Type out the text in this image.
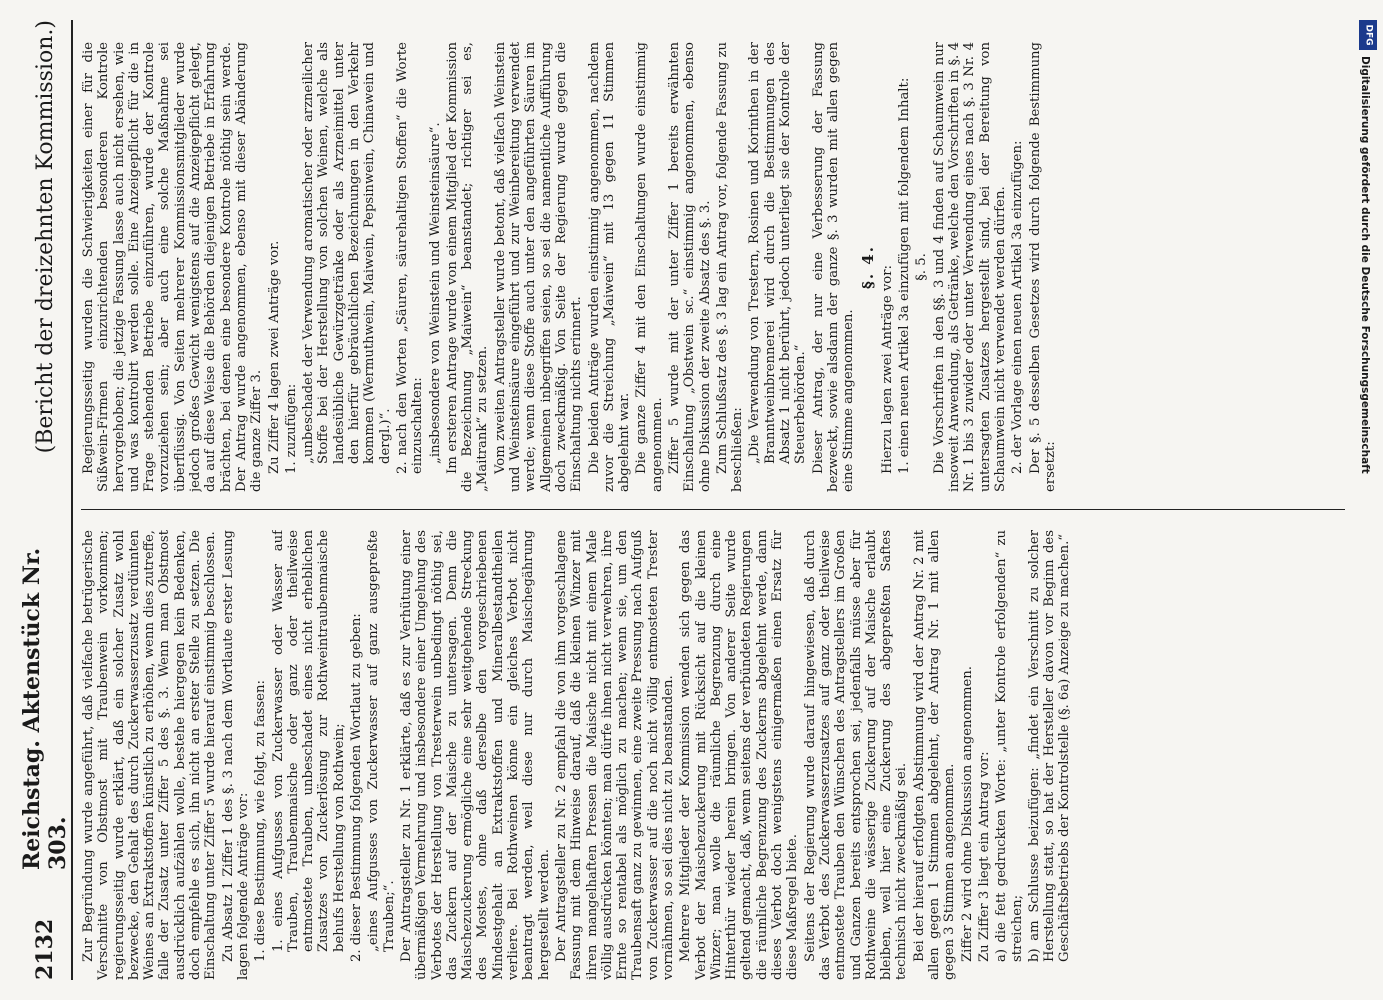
2132
Reichstag. Aktenstück Nr. 303.
(Bericht der dreizehnten Kommission.)

Zur Begründung wurde angeführt, daß vielfache betrügerische Verschnitte von Obstmost mit Traubenwein vorkommen; regierungsseitig wurde erklärt, daß ein solcher Zusatz wohl bezwecke, den Gehalt des durch Zuckerwasserzusatz verdünnten Weines an Extraktstoffen künstlich zu erhöhen, wenn dies zutreffe, falle der Zusatz unter Ziffer 5 des §. 3. Wenn man Obstmost ausdrücklich aufzählen wolle, bestehe hiergegen kein Bedenken, doch empfehle es sich, ihn nicht an erster Stelle zu setzen. Die Einschaltung unter Ziffer 5 wurde hierauf einstimmig beschlossen. Zu Absatz 1 Ziffer 1 des §. 3 nach dem Wortlaute erster Lesung lagen folgende Anträge vor: 1. diese Bestimmung, wie folgt, zu fassen: 1. eines Aufgusses von Zuckerwasser oder Wasser auf Trauben, Traubenmaische oder ganz oder theilweise entmostete Trauben, unbeschadet eines nicht erheblichen Zusatzes von Zuckerlösung zur Rothweintraubenmaische behufs Herstellung von Rothwein; 2. dieser Bestimmung folgenden Wortlaut zu geben: „eines Aufgusses von Zuckerwasser auf ganz ausgepreßte Trauben;“. Der Antragsteller zu Nr. 1 erklärte, daß es zur Verhütung einer übermäßigen Vermehrung und insbesondere einer Umgehung des Verbotes der Herstellung von Tresterwein unbedingt nöthig sei, das Zuckern auf der Maische zu untersagen. Denn die Maischezuckerung ermögliche eine sehr weitgehende Streckung des Mostes, ohne daß derselbe den vorgeschriebenen Mindestgehalt an Extraktstoffen und Mineralbestandtheilen verliere. Bei Rothweinen könne ein gleiches Verbot nicht beantragt werden, weil diese nur durch Maischegährung hergestellt werden. Der Antragsteller zu Nr. 2 empfahl die von ihm vorgeschlagene Fassung mit dem Hinweise darauf, daß die kleinen Winzer mit ihren mangelhaften Pressen die Maische nicht mit einem Male völlig ausdrücken könnten; man dürfe ihnen nicht verwehren, ihre Ernte so rentabel als möglich zu machen; wenn sie, um den Traubensaft ganz zu gewinnen, eine zweite Pressung nach Aufguß von Zuckerwasser auf die noch nicht völlig entmosteten Trester vornähmen, so sei dies nicht zu beanstanden. Mehrere Mitglieder der Kommission wenden sich gegen das Verbot der Maischezuckerung mit Rücksicht auf die kleinen Winzer; man wolle die räumliche Begrenzung durch eine Hinterthür wieder herein bringen. Von anderer Seite wurde geltend gemacht, daß, wenn seitens der verbündeten Regierungen die räumliche Begrenzung des Zuckerns abgelehnt werde, dann dieses Verbot doch wenigstens einigermaßen einen Ersatz für diese Maßregel biete. Seitens der Regierung wurde darauf hingewiesen, daß durch das Verbot des Zuckerwasserzusatzes auf ganz oder theilweise entmostete Trauben den Wünschen des Antragstellers im Großen und Ganzen bereits entsprochen sei, jedenfalls müsse aber für Rothweine die wässerige Zuckerung auf der Maische erlaubt bleiben, weil hier eine Zuckerung des abgepreßten Saftes technisch nicht zweckmäßig sei. Bei der hierauf erfolgten Abstimmung wird der Antrag Nr. 2 mit allen gegen 1 Stimmen abgelehnt, der Antrag Nr. 1 mit allen gegen 3 Stimmen angenommen. Ziffer 2 wird ohne Diskussion angenommen. Zu Ziffer 3 liegt ein Antrag vor: a) die fett gedruckten Worte: „unter Kontrole erfolgenden“ zu streichen; b) am Schlusse beizufügen: „findet ein Verschnitt zu solcher Herstellung statt, so hat der Hersteller davon vor Beginn des Geschäftsbetriebs der Kontrolstelle (§. 6a) Anzeige zu machen.“

Regierungsseitig wurden die Schwierigkeiten einer für die Süßwein-Firmen einzurichtenden besonderen Kontrole hervorgehoben; die jetzige Fassung lasse auch nicht ersehen, wie und was kontrolirt werden solle. Eine Anzeigepflicht für die in Frage stehenden Betriebe einzuführen, wurde der Kontrole vorzuziehen sein; aber auch eine solche Maßnahme sei überflüssig. Von Seiten mehrerer Kommissionsmitglieder wurde jedoch großes Gewicht wenigstens auf die Anzeigepflicht gelegt, da auf diese Weise die Behörden diejenigen Betriebe in Erfahrung brächten, bei denen eine besondere Kontrole nöthig sein werde. Der Antrag wurde angenommen, ebenso mit dieser Abänderung die ganze Ziffer 3. Zu Ziffer 4 lagen zwei Anträge vor. 1. zuzufügen: „unbeschadet der Verwendung aromatischer oder arzneilicher Stoffe bei der Herstellung von solchen Weinen, welche als landesübliche Gewürzgetränke oder als Arzneimittel unter den hierfür gebräuchlichen Bezeichnungen in den Verkehr kommen (Wermuthwein, Maiwein, Pepsinwein, Chinawein und dergl.)“. 2. nach den Worten „Säuren, säurehaltigen Stoffen“ die Worte einzuschalten: „insbesondere von Weinstein und Weinsteinsäure“. Im ersteren Antrage wurde von einem Mitglied der Kommission die Bezeichnung „Maiwein“ beanstandet; richtiger sei es, „Maitrank“ zu setzen. Vom zweiten Antragsteller wurde betont, daß vielfach Weinstein und Weinsteinsäure eingeführt und zur Weinbereitung verwendet werde; wenn diese Stoffe auch unter den angeführten Säuren im Allgemeinen inbegriffen seien, so sei die namentliche Aufführung doch zweckmäßig. Von Seite der Regierung wurde gegen die Einschaltung nichts erinnert. Die beiden Anträge wurden einstimmig angenommen, nachdem zuvor die Streichung „Maiwein“ mit 13 gegen 11 Stimmen abgelehnt war. Die ganze Ziffer 4 mit den Einschaltungen wurde einstimmig angenommen. Ziffer 5 wurde mit der unter Ziffer 1 bereits erwähnten Einschaltung „Obstwein sc.“ einstimmig angenommen, ebenso ohne Diskussion der zweite Absatz des §. 3. Zum Schlußsatz des §. 3 lag ein Antrag vor, folgende Fassung zu beschließen: „Die Verwendung von Trestern, Rosinen und Korinthen in der Branntweinbrennerei wird durch die Bestimmungen des Absatz 1 nicht berührt, jedoch unterliegt sie der Kontrole der Steuerbehörden.“ Dieser Antrag, der nur eine Verbesserung der Fassung bezweckt, sowie alsdann der ganze §. 3 wurden mit allen gegen eine Stimme angenommen.

§. 4. Hierzu lagen zwei Anträge vor: 1. einen neuen Artikel 3a einzufügen mit folgendem Inhalt: §. 5. Die Vorschriften in den §§. 3 und 4 finden auf Schaumwein nur insoweit Anwendung, als Getränke, welche den Vorschriften in §. 4 Nr. 1 bis 3 zuwider oder unter Verwendung eines nach §. 3 Nr. 4 untersagten Zusatzes hergestellt sind, bei der Bereitung von Schaumwein nicht verwendet werden dürfen. 2. der Vorlage einen neuen Artikel 3a einzufügen: Der §. 5 desselben Gesetzes wird durch folgende Bestimmung ersetzt:

DFG
Digitalisierung gefördert durch die Deutsche Forschungsgemeinschaft
